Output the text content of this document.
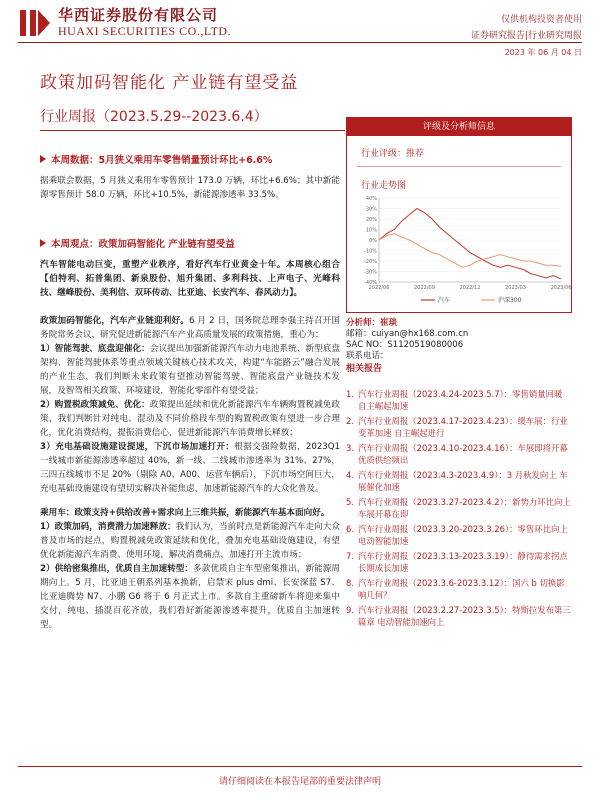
华西证券股份有限公司
HUAXI SECURITIES CO.,LTD.
仅供机构投资者使用
证券研究报告|行业研究周报
2023 年 06 月 04 日
政策加码智能化 产业链有望受益
行业周报（2023.5.29--2023.6.4）
本周数据：5月狭义乘用车零售销量预计环比+6.6%
据乘联会数据，5 月狭义乘用车零售预计 173.0 万辆，环比+6.6%；其中新能源零售预计 58.0 万辆，环比+10.5%，新能源渗透率 33.5%。
本周观点：政策加码智能化 产业链有望受益
汽车智能电动巨变，重塑产业秩序，看好汽车行业黄金十年。本周核心组合【伯特利、拓普集团、新泉股份、旭升集团、多利科技、上声电子、光峰科技、继峰股份、美利信、双环传动、比亚迪、长安汽车、春风动力】。
政策加码智能化，汽车产业链迎利好。6 月 2 日，国务院总理李强主持召开国务院常务会议，研究促进新能源汽车产业高质量发展的政策措施，重心为：
1）智能驾驶、底盘迎催化：会议提出加强新能源汽车动力电池系统、新型底盘架构、智能驾驶体系等重点领域关键核心技术攻关，构建“车能路云”融合发展的产业生态，我们判断未来政策有望推动智能驾驶、智能底盘产业链技术发展，及智驾相关政策、环境建设，智能化零部件有望受益；
2）购置税政策减免、优化：政策提出延续和优化新能源汽车车辆购置税减免政策，我们判断针对纯电、混动及不同价格段车型的购置税政策有望进一步合理化，优化消费结构，提振消费信心，促进新能源汽车消费增长释放；
3）充电基础设施建设提速，下沉市场加速打开：根据交强险数据，2023Q1 一线城市新能源渗透率超过 40%，新一线、二线城市渗透率为 31%、27%，三四五线城市不足 20%（剔除 A0、A00、运营车辆后），下沉市场空间巨大，充电基础设施建设有望切实解决补能焦虑，加速新能源汽车的大众化普及。
乘用车：政策支持+供给改善+需求向上三维共振，新能源汽车基本面向好。
1）政策加码，消费潜力加速释放：我们认为，当前时点是新能源汽车走向大众普及市场的起点，购置税减免政策延续和优化，叠加充电基础设施建设，有望优化新能源汽车消费、使用环境，解决消费痛点，加速打开主流市场；
2）供给密集推出，优质自主加速转型：多款优质自主车型密集推出，新能源周期向上。5 月，比亚迪王朝系列基本换新，启禁宋 plus dmi、长安深蓝 S7、比亚迪腾势 N7、小鹏 G6 将于 6 月正式上市。多款自主重磅新车将迎来集中交付，纯电、插混百花齐放，我们看好新能源渗透率提升，优质自主加速转型。
评级及分析师信息
行业评级：推荐
行业走势图
-40%
-30%
-20%
-10%
0%
10%
20%
30%
40%
2022/06	2022/09	2022/12	2023/03	2023/06
汽车	沪深300
分析师：崔琰
邮箱：cuiyan@hx168.com.cn
SAC NO：S1120519080006
联系电话：
相关报告
1. 汽车行业周报（2023.4.24-2023.5.7）：零售销量回暖 自主崛起加速
2. 汽车行业周报（2023.4.17-2023.4.23）：缓车展：行业变革加速 自主崛起进行
3. 汽车行业周报（2023.4.10-2023.4.16）：车展即将开幕 优质供给频出
4. 汽车行业周报（2023.4.3-2023.4.9）：3 月秋发向上 车展催化加速
5. 汽车行业周报（2023.3.27-2023.4.2）：新势力环比向上 车展开幕在即
6. 汽车行业周报（2023.3.20-2023.3.26）：零售环比向上 电动智能加速
7. 汽车行业周报（2023.3.13-2023.3.19）：静待需求拐点 长期成长加速
8. 汽车行业周报（2023.3.6-2023.3.12）：国六 b 切换影响几何？
9. 汽车行业周报（2023.2.27-2023.3.5）：特斯拉发布第三篇章 电动智能加速向上
请仔细阅读在本报告尾部的重要法律声明
